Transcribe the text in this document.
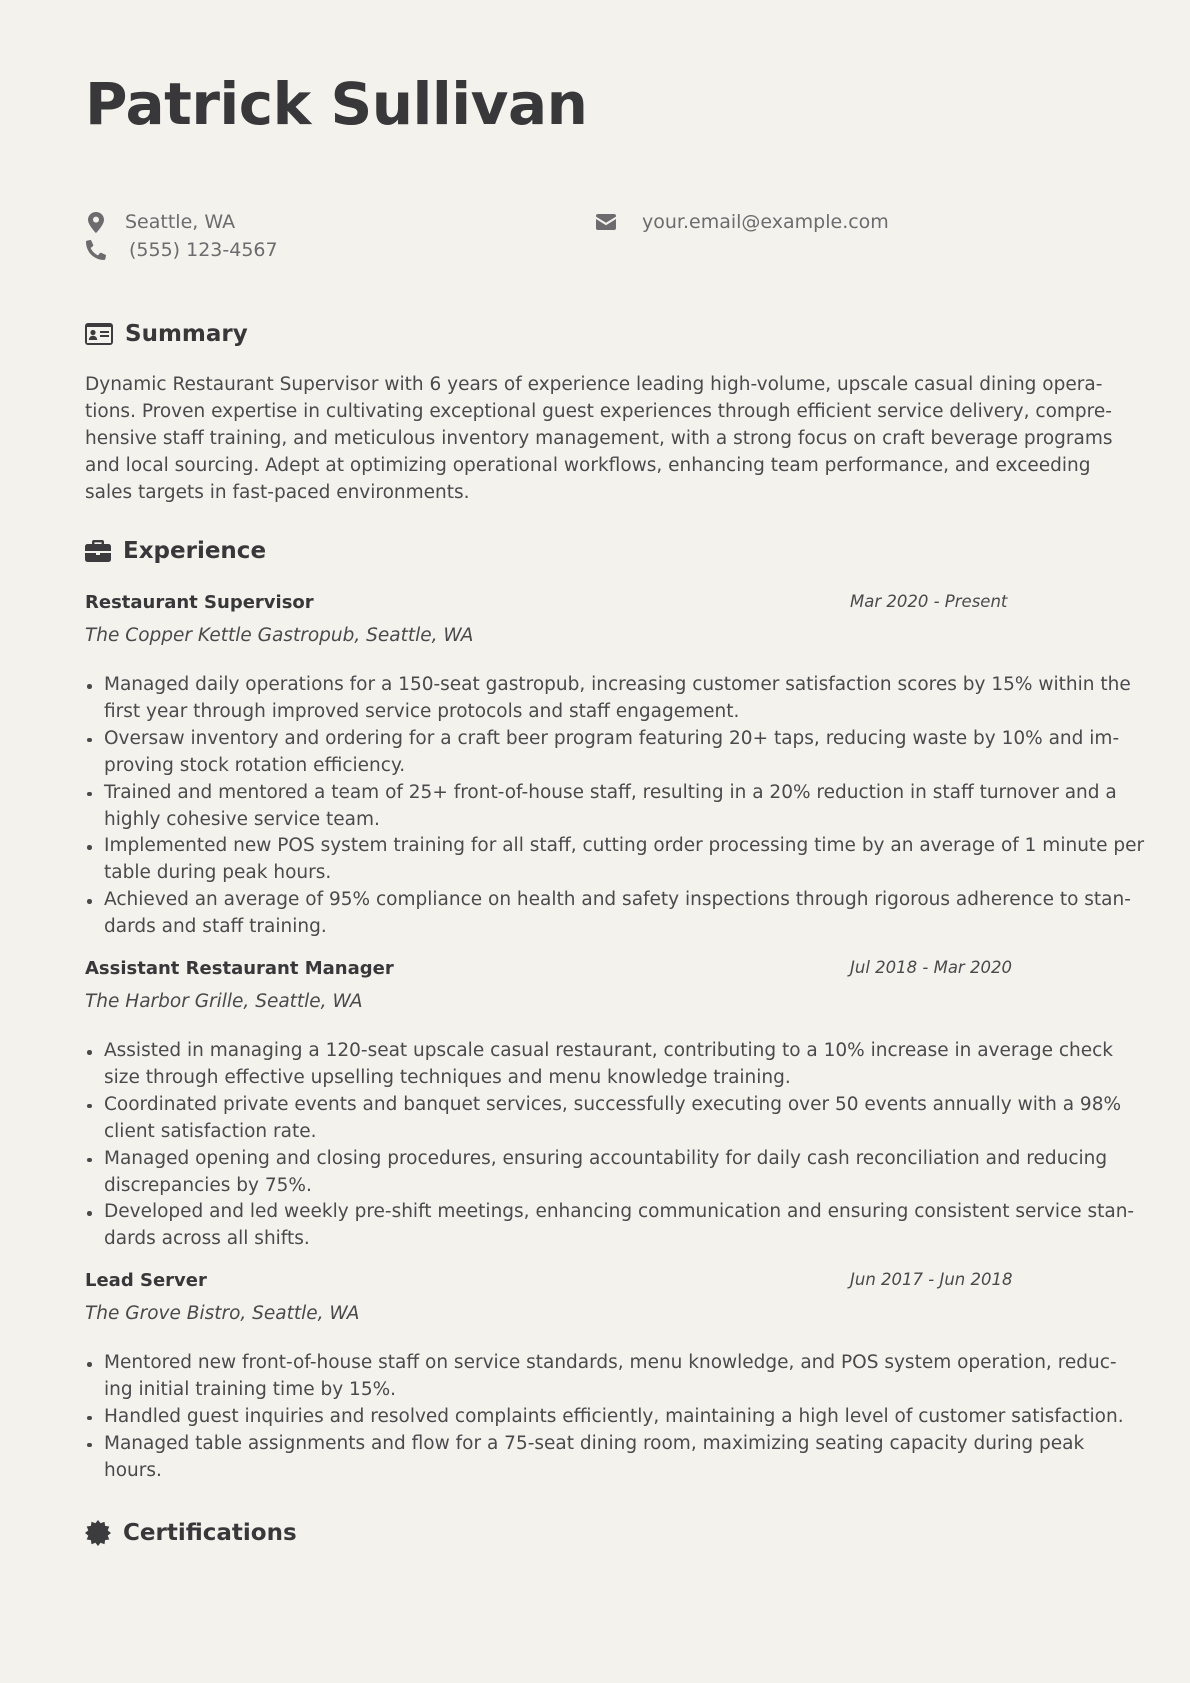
Patrick Sullivan
Seattle, WA
(555) 123-4567
your.email@example.com
Summary
Dynamic Restaurant Supervisor with 6 years of experience leading high-volume, upscale casual dining opera-
tions. Proven expertise in cultivating exceptional guest experiences through efficient service delivery, compre-
hensive staff training, and meticulous inventory management, with a strong focus on craft beverage programs
and local sourcing. Adept at optimizing operational workflows, enhancing team performance, and exceeding
sales targets in fast-paced environments.
Experience
Restaurant Supervisor	Mar 2020 - Present
The Copper Kettle Gastropub, Seattle, WA
Managed daily operations for a 150-seat gastropub, increasing customer satisfaction scores by 15% within the
first year through improved service protocols and staff engagement.
Oversaw inventory and ordering for a craft beer program featuring 20+ taps, reducing waste by 10% and im-
proving stock rotation efficiency.
Trained and mentored a team of 25+ front-of-house staff, resulting in a 20% reduction in staff turnover and a
highly cohesive service team.
Implemented new POS system training for all staff, cutting order processing time by an average of 1 minute per
table during peak hours.
Achieved an average of 95% compliance on health and safety inspections through rigorous adherence to stan-
dards and staff training.
Assistant Restaurant Manager	Jul 2018 - Mar 2020
The Harbor Grille, Seattle, WA
Assisted in managing a 120-seat upscale casual restaurant, contributing to a 10% increase in average check
size through effective upselling techniques and menu knowledge training.
Coordinated private events and banquet services, successfully executing over 50 events annually with a 98%
client satisfaction rate.
Managed opening and closing procedures, ensuring accountability for daily cash reconciliation and reducing
discrepancies by 75%.
Developed and led weekly pre-shift meetings, enhancing communication and ensuring consistent service stan-
dards across all shifts.
Lead Server	Jun 2017 - Jun 2018
The Grove Bistro, Seattle, WA
Mentored new front-of-house staff on service standards, menu knowledge, and POS system operation, reduc-
ing initial training time by 15%.
Handled guest inquiries and resolved complaints efficiently, maintaining a high level of customer satisfaction.
Managed table assignments and flow for a 75-seat dining room, maximizing seating capacity during peak
hours.
Certifications
